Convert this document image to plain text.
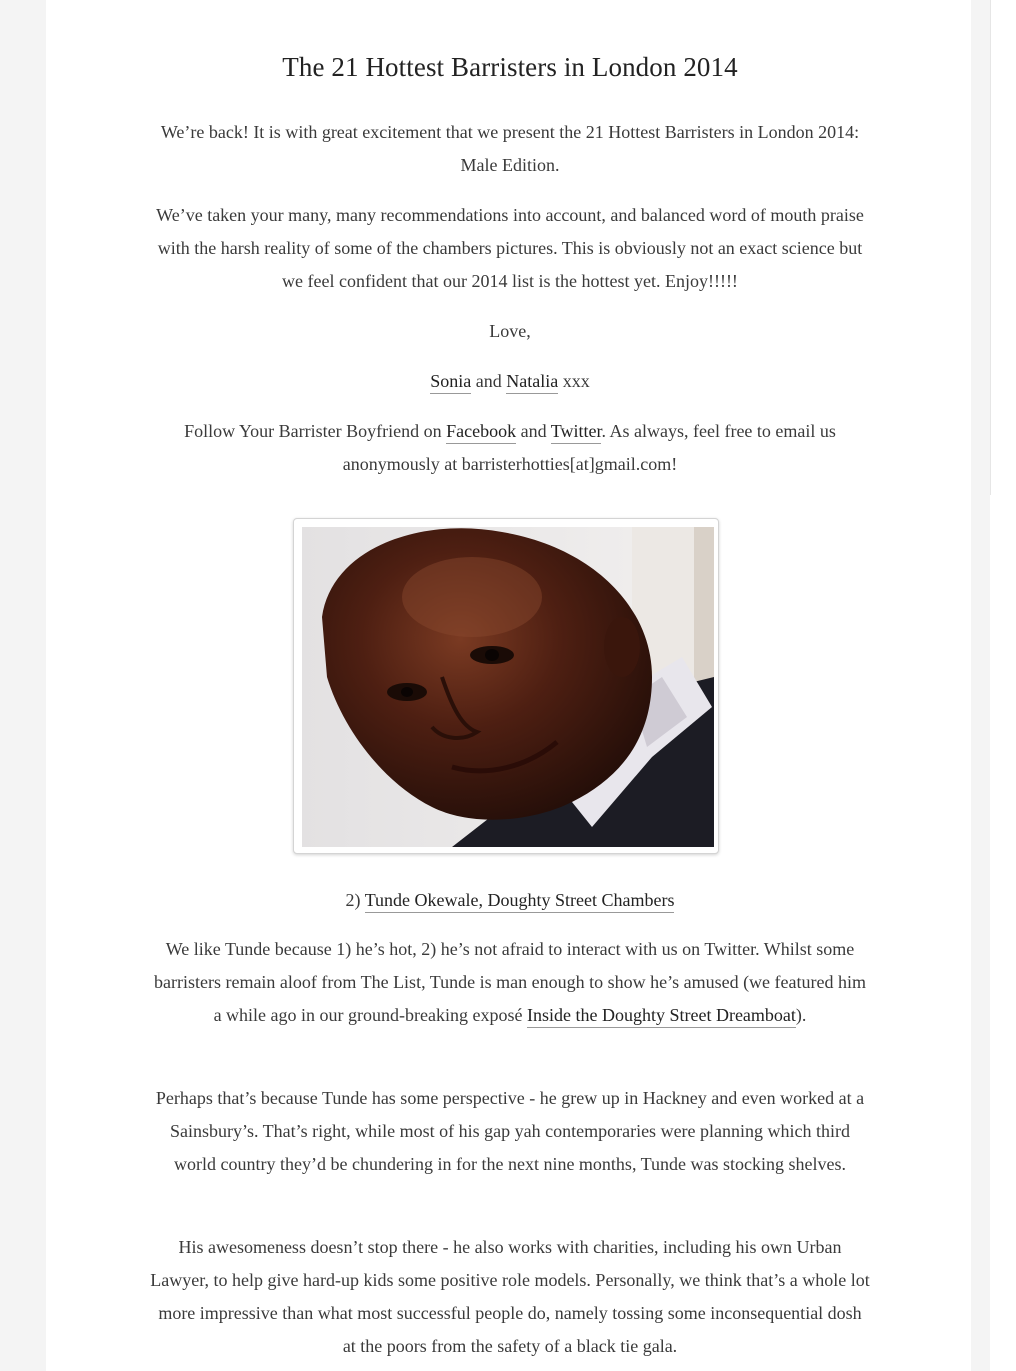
The 21 Hottest Barristers in London 2014

We’re back! It is with great excitement that we present the 21 Hottest Barristers in London 2014: Male Edition.

We’ve taken your many, many recommendations into account, and balanced word of mouth praise with the harsh reality of some of the chambers pictures. This is obviously not an exact science but we feel confident that our 2014 list is the hottest yet. Enjoy!!!!!

Love,

Sonia and Natalia xxx

Follow Your Barrister Boyfriend on Facebook and Twitter. As always, feel free to email us anonymously at barristerhotties[at]gmail.com!

2) Tunde Okewale, Doughty Street Chambers

We like Tunde because 1) he’s hot, 2) he’s not afraid to interact with us on Twitter. Whilst some barristers remain aloof from The List, Tunde is man enough to show he’s amused (we featured him a while ago in our ground-breaking exposé Inside the Doughty Street Dreamboat).

Perhaps that’s because Tunde has some perspective - he grew up in Hackney and even worked at a Sainsbury’s. That’s right, while most of his gap yah contemporaries were planning which third world country they’d be chundering in for the next nine months, Tunde was stocking shelves.

His awesomeness doesn’t stop there - he also works with charities, including his own Urban Lawyer, to help give hard-up kids some positive role models. Personally, we think that’s a whole lot more impressive than what most successful people do, namely tossing some inconsequential dosh at the poors from the safety of a black tie gala.
